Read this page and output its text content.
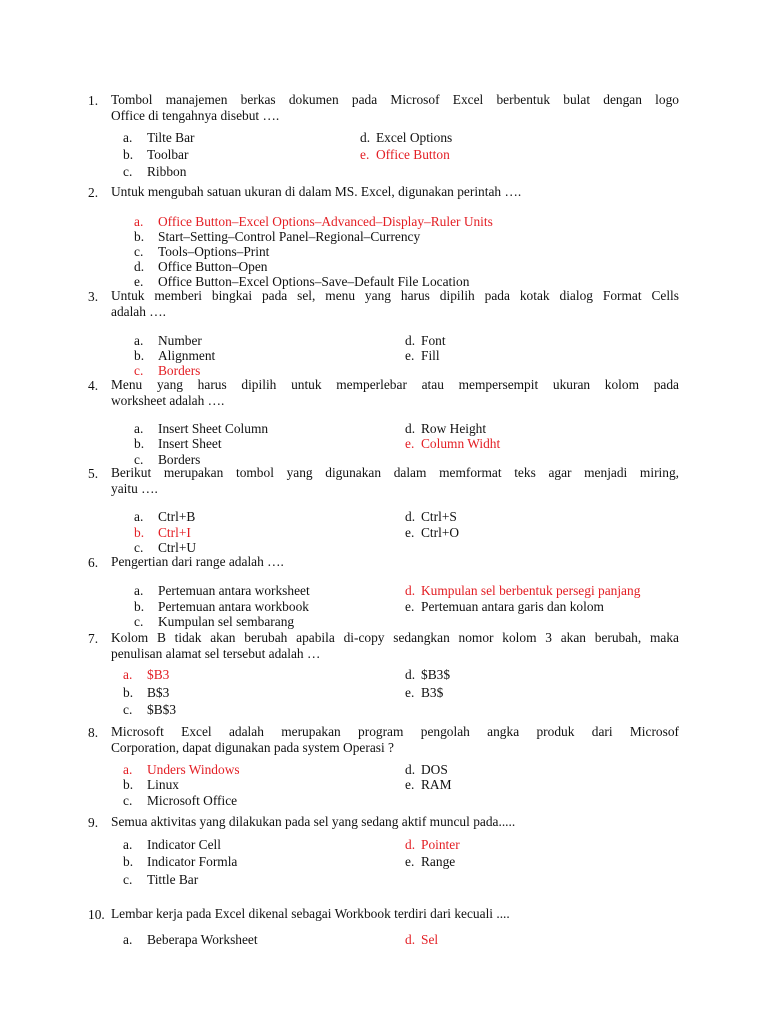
1. Tombol manajemen berkas dokumen pada Microsof Excel berbentuk bulat dengan logo
Office di tengahnya disebut ….
a. Tilte Bar
b. Toolbar
c. Ribbon
d. Excel Options
e. Office Button
2. Untuk mengubah satuan ukuran di dalam MS. Excel, digunakan perintah ….
a. Office Button–Excel Options–Advanced–Display–Ruler Units
b. Start–Setting–Control Panel–Regional–Currency
c. Tools–Options–Print
d. Office Button–Open
e. Office Button–Excel Options–Save–Default File Location
3. Untuk memberi bingkai pada sel, menu yang harus dipilih pada kotak dialog Format Cells
adalah ….
a. Number
b. Alignment
c. Borders
d. Font
e. Fill
4. Menu yang harus dipilih untuk memperlebar atau mempersempit ukuran kolom pada
worksheet adalah ….
a. Insert Sheet Column
b. Insert Sheet
c. Borders
d. Row Height
e. Column Widht
5. Berikut merupakan tombol yang digunakan dalam memformat teks agar menjadi miring,
yaitu ….
a. Ctrl+B
b. Ctrl+I
c. Ctrl+U
d. Ctrl+S
e. Ctrl+O
6. Pengertian dari range adalah ….
a. Pertemuan antara worksheet
b. Pertemuan antara workbook
c. Kumpulan sel sembarang
d. Kumpulan sel berbentuk persegi panjang
e. Pertemuan antara garis dan kolom
7. Kolom B tidak akan berubah apabila di-copy sedangkan nomor kolom 3 akan berubah, maka
penulisan alamat sel tersebut adalah …
a. $B3
b. B$3
c. $B$3
d. $B3$
e. B3$
8. Microsoft Excel adalah merupakan program pengolah angka produk dari Microsof
Corporation, dapat digunakan pada system Operasi ?
a. Unders Windows
b. Linux
c. Microsoft Office
d. DOS
e. RAM
9. Semua aktivitas yang dilakukan pada sel yang sedang aktif muncul pada.....
a. Indicator Cell
b. Indicator Formla
c. Tittle Bar
d. Pointer
e. Range
10. Lembar kerja pada Excel dikenal sebagai Workbook terdiri dari kecuali ....
a. Beberapa Worksheet	d. Sel
